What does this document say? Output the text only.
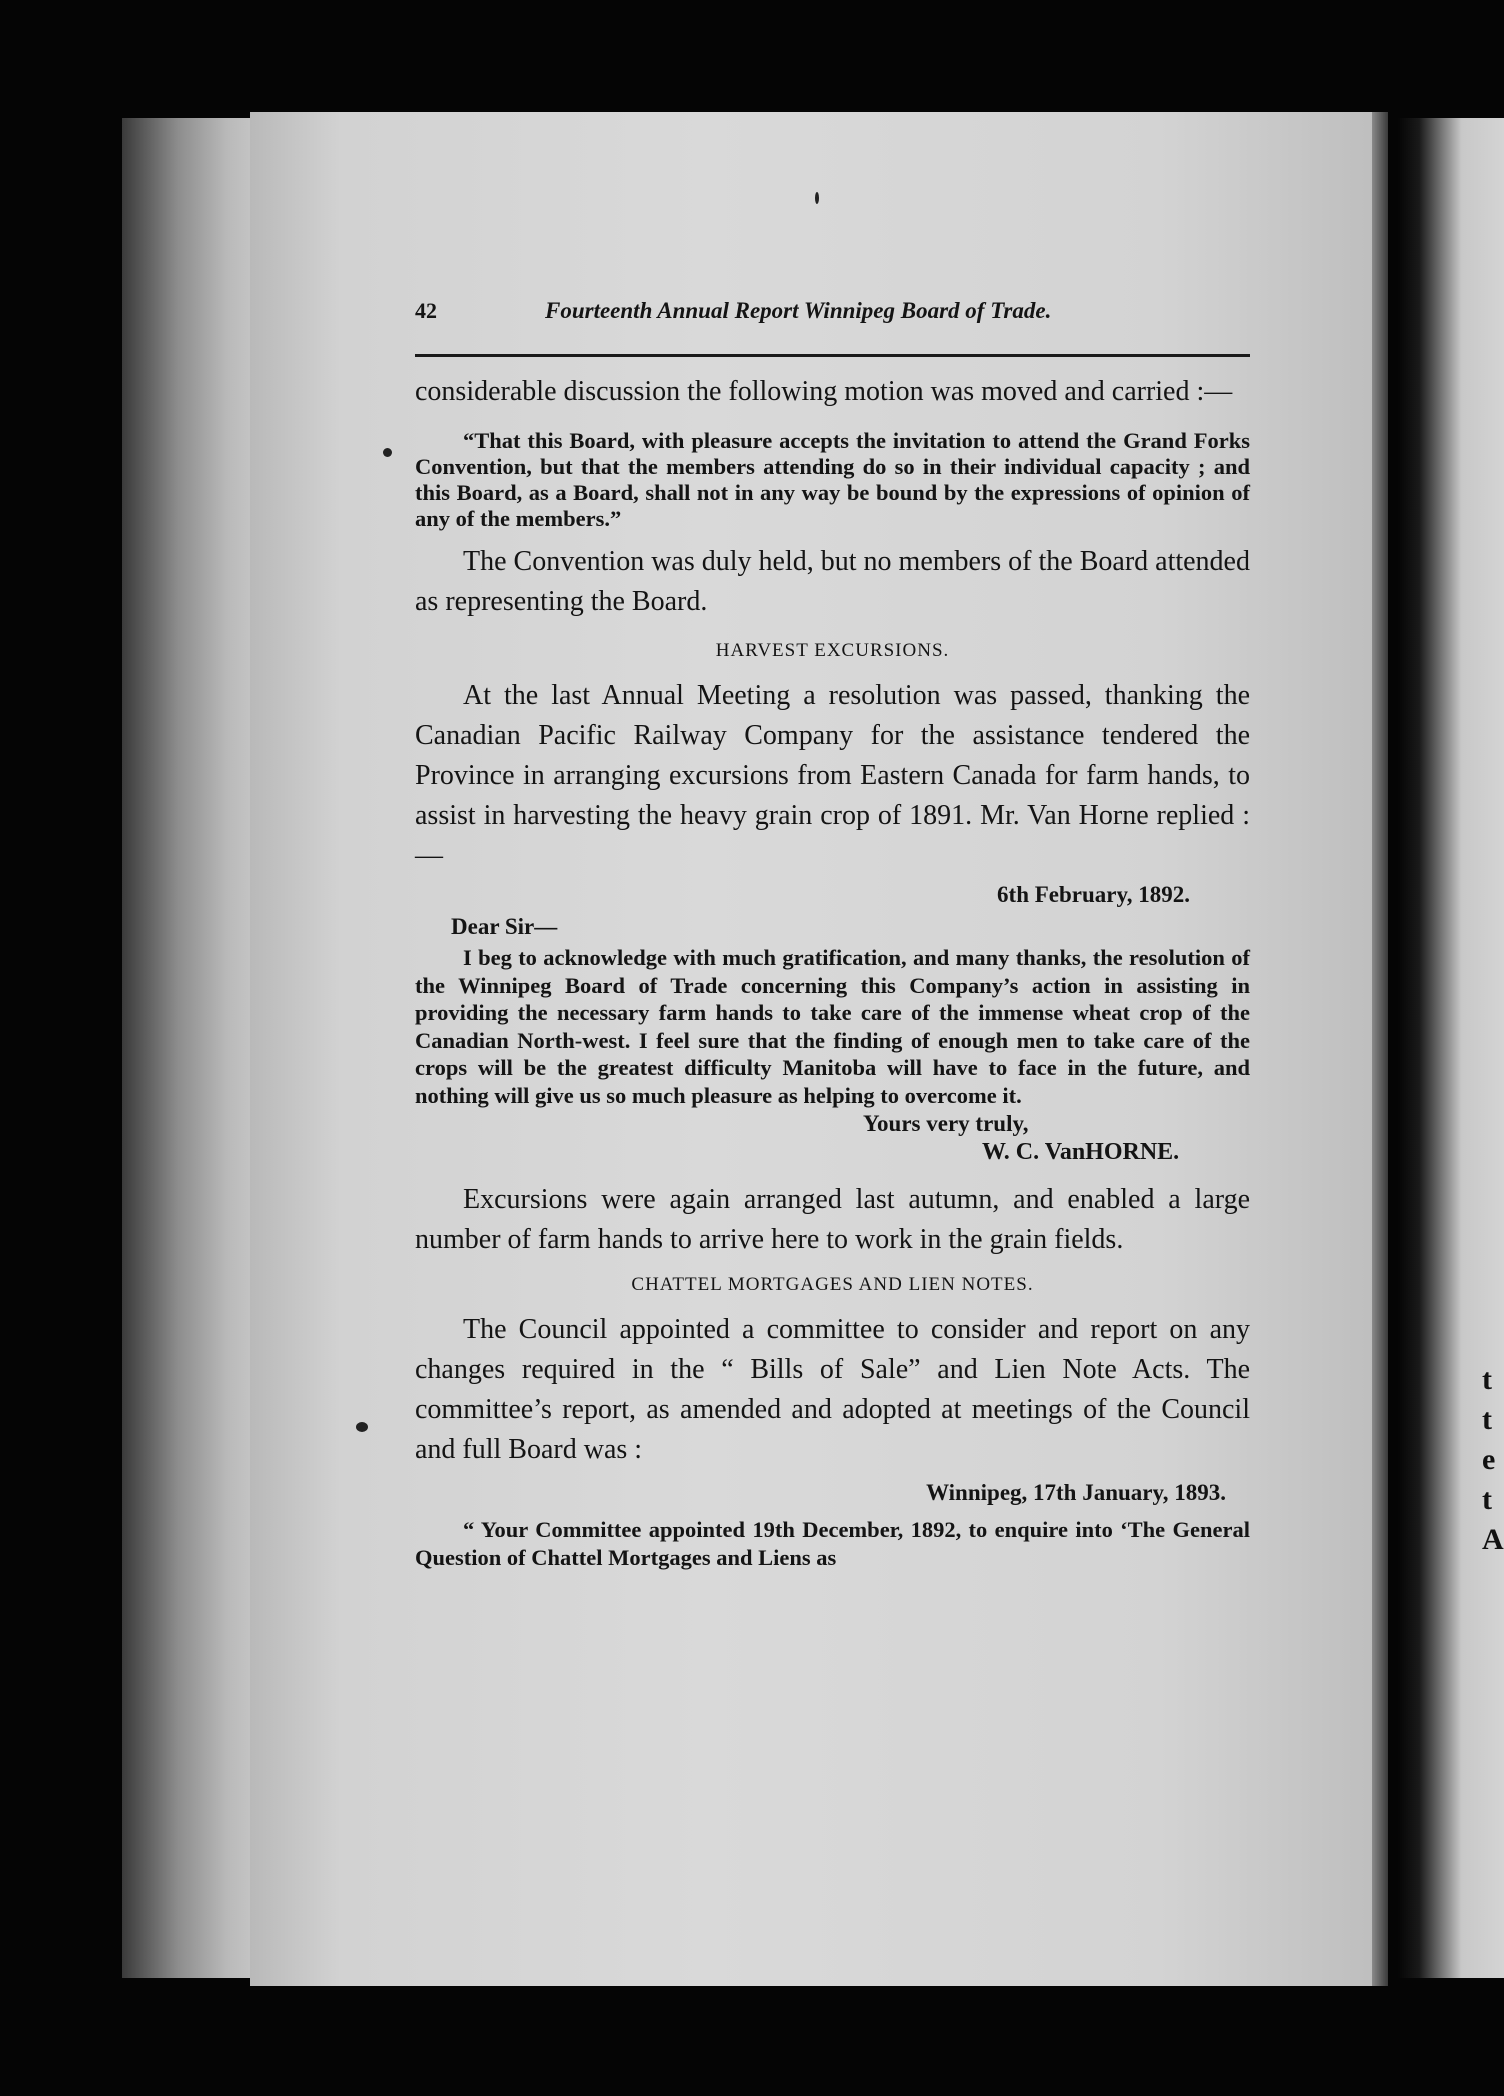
t
t
e
t
A
42	Fourteenth Annual Report Winnipeg Board of Trade.

considerable discussion the following motion was moved and carried :—

“That this Board, with pleasure accepts the invitation to attend the Grand Forks Convention, but that the members attending do so in their individual capacity ; and this Board, as a Board, shall not in any way be bound by the expressions of opinion of any of the members.”

The Convention was duly held, but no members of the Board attended as representing the Board.

HARVEST EXCURSIONS.

At the last Annual Meeting a resolution was passed, thanking the Canadian Pacific Railway Company for the assistance tendered the Province in arranging excursions from Eastern Canada for farm hands, to assist in harvesting the heavy grain crop of 1891. Mr. Van Horne replied :—

6th February, 1892.

Dear Sir—

I beg to acknowledge with much gratification, and many thanks, the resolution of the Winnipeg Board of Trade concerning this Company’s action in assisting in providing the necessary farm hands to take care of the immense wheat crop of the Canadian North-west. I feel sure that the finding of enough men to take care of the crops will be the greatest difficulty Manitoba will have to face in the future, and nothing will give us so much pleasure as helping to overcome it.

Yours very truly,

W. C. VanHORNE.

Excursions were again arranged last autumn, and enabled a large number of farm hands to arrive here to work in the grain fields.

CHATTEL MORTGAGES AND LIEN NOTES.

The Council appointed a committee to consider and report on any changes required in the “ Bills of Sale” and Lien Note Acts. The committee’s report, as amended and adopted at meetings of the Council and full Board was :

Winnipeg, 17th January, 1893.

“ Your Committee appointed 19th December, 1892, to enquire into ‘The General Question of Chattel Mortgages and Liens as
